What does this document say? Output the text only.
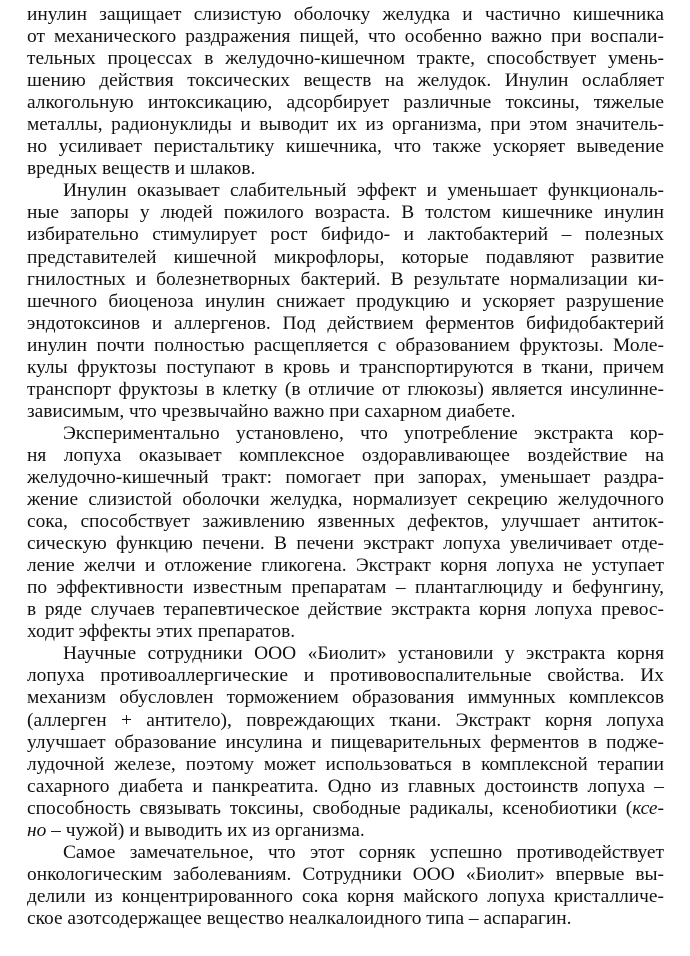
инулин защищает слизистую оболочку желудка и частично кишечника
от механического раздражения пищей, что особенно важно при воспали-
тельных процессах в желудочно-кишечном тракте, способствует умень-
шению действия токсических веществ на желудок. Инулин ослабляет
алкогольную интоксикацию, адсорбирует различные токсины, тяжелые
металлы, радионуклиды и выводит их из организма, при этом значитель-
но усиливает перистальтику кишечника, что также ускоряет выведение
вредных веществ и шлаков.
Инулин оказывает слабительный эффект и уменьшает функциональ-
ные запоры у людей пожилого возраста. В толстом кишечнике инулин
избирательно стимулирует рост бифидо- и лактобактерий – полезных
представителей кишечной микрофлоры, которые подавляют развитие
гнилостных и болезнетворных бактерий. В результате нормализации ки-
шечного биоценоза инулин снижает продукцию и ускоряет разрушение
эндотоксинов и аллергенов. Под действием ферментов бифидобактерий
инулин почти полностью расщепляется с образованием фруктозы. Моле-
кулы фруктозы поступают в кровь и транспортируются в ткани, причем
транспорт фруктозы в клетку (в отличие от глюкозы) является инсулинне-
зависимым, что чрезвычайно важно при сахарном диабете.
Экспериментально установлено, что употребление экстракта кор-
ня лопуха оказывает комплексное оздоравливающее воздействие на
желудочно-кишечный тракт: помогает при запорах, уменьшает раздра-
жение слизистой оболочки желудка, нормализует секрецию желудочного
сока, способствует заживлению язвенных дефектов, улучшает антиток-
сическую функцию печени. В печени экстракт лопуха увеличивает отде-
ление желчи и отложение гликогена. Экстракт корня лопуха не уступает
по эффективности известным препаратам – плантаглюциду и бефунгину,
в ряде случаев терапевтическое действие экстракта корня лопуха превос-
ходит эффекты этих препаратов.
Научные сотрудники ООО «Биолит» установили у экстракта корня
лопуха противоаллергические и противовоспалительные свойства. Их
механизм обусловлен торможением образования иммунных комплексов
(аллерген + антитело), повреждающих ткани. Экстракт корня лопуха
улучшает образование инсулина и пищеварительных ферментов в поджe-
лудочной железе, поэтому может использоваться в комплексной терапии
сахарного диабета и панкреатита. Одно из главных достоинств лопуха –
способность связывать токсины, свободные радикалы, ксенобиотики (ксе-
но – чужой) и выводить их из организма.
Самое замечательное, что этот сорняк успешно противодействует
онкологическим заболеваниям. Сотрудники ООО «Биолит» впервые вы-
делили из концентрированного сока корня майского лопуха кристалличе-
ское азотсодержащее вещество неалкалоидного типа – аспарагин.
